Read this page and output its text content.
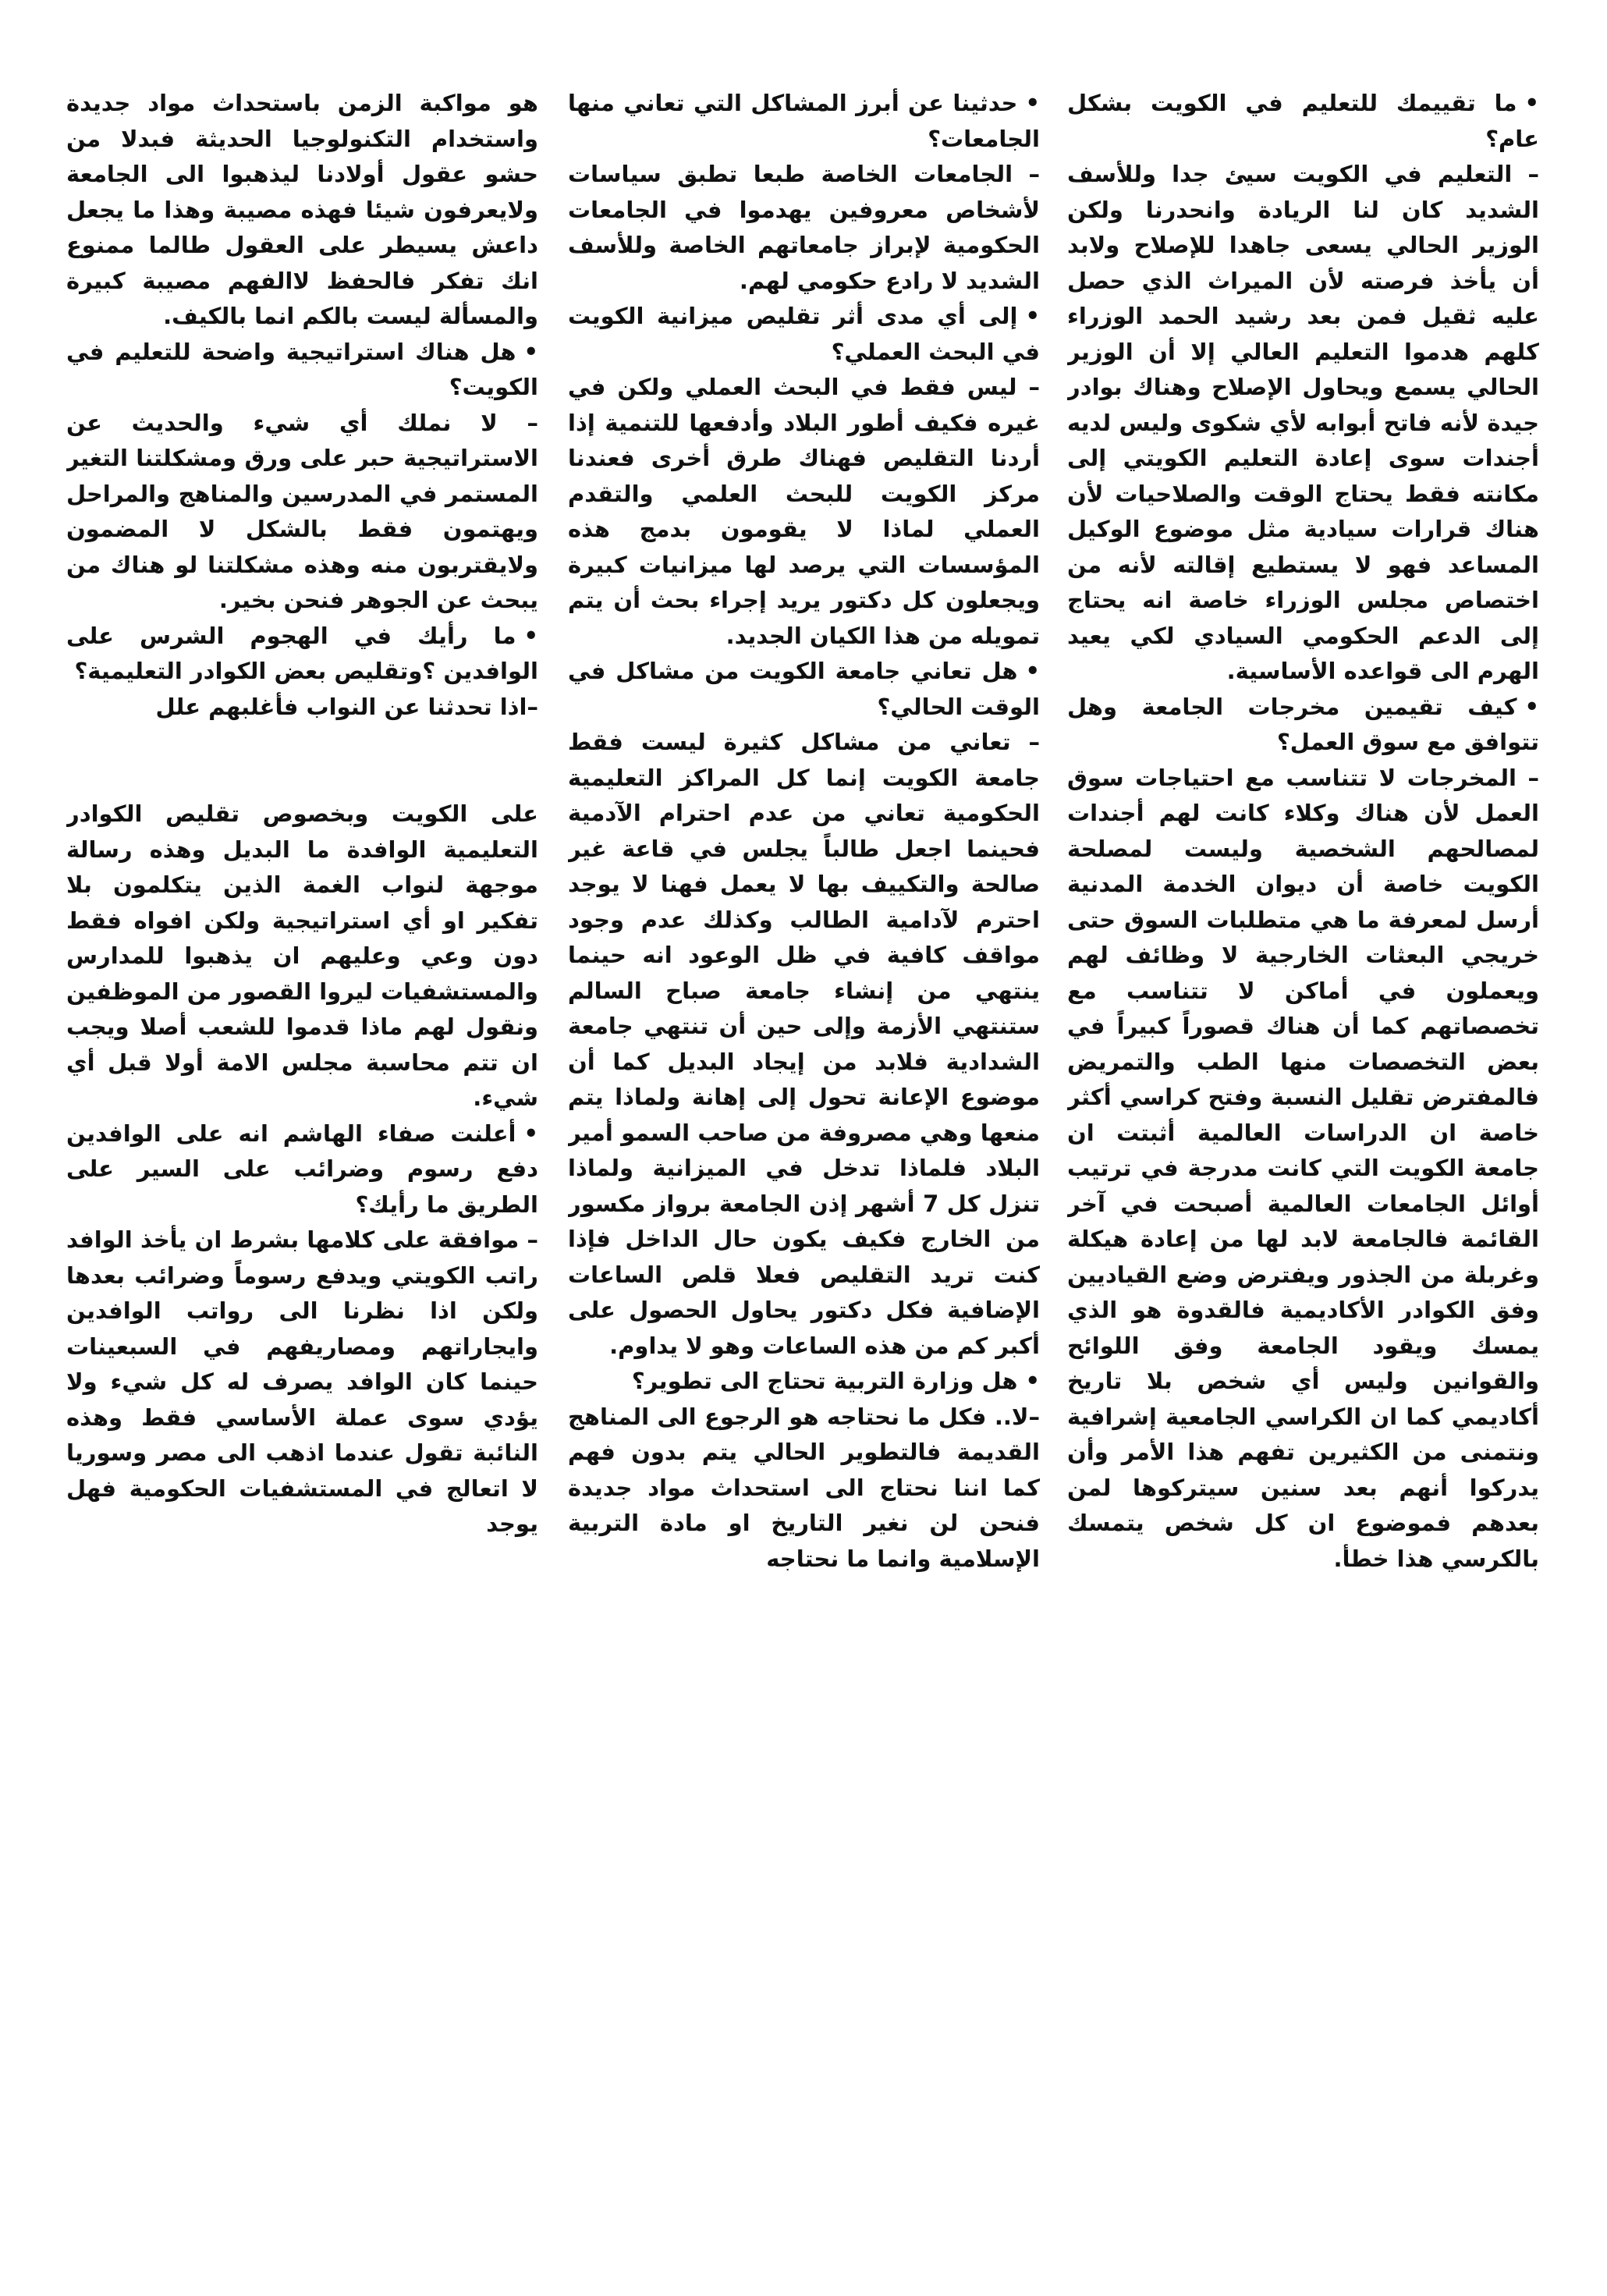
• ما تقييمك للتعليم في الكويت بشكل عام؟

– التعليم في الكويت سيئ جدا وللأسف الشديد كان لنا الريادة وانحدرنا ولكن الوزير الحالي يسعى جاهدا للإصلاح ولابد أن يأخذ فرصته لأن الميراث الذي حصل عليه ثقيل فمن بعد رشيد الحمد الوزراء كلهم هدموا التعليم العالي إلا أن الوزير الحالي يسمع ويحاول الإصلاح وهناك بوادر جيدة لأنه فاتح أبوابه لأي شكوى وليس لديه أجندات سوى إعادة التعليم الكويتي إلى مكانته فقط يحتاج الوقت والصلاحيات لأن هناك قرارات سيادية مثل موضوع الوكيل المساعد فهو لا يستطيع إقالته لأنه من اختصاص مجلس الوزراء خاصة انه يحتاج إلى الدعم الحكومي السيادي لكي يعيد الهرم الى قواعده الأساسية.

• كيف تقيمين مخرجات الجامعة وهل تتوافق مع سوق العمل؟

– المخرجات لا تتناسب مع احتياجات سوق العمل لأن هناك وكلاء كانت لهم أجندات لمصالحهم الشخصية وليست لمصلحة الكويت خاصة أن ديوان الخدمة المدنية أرسل لمعرفة ما هي متطلبات السوق حتى خريجي البعثات الخارجية لا وظائف لهم ويعملون في أماكن لا تتناسب مع تخصصاتهم كما أن هناك قصوراً كبيراً في بعض التخصصات منها الطب والتمريض فالمفترض تقليل النسبة وفتح كراسي أكثر خاصة ان الدراسات العالمية أثبتت ان جامعة الكويت التي كانت مدرجة في ترتيب أوائل الجامعات العالمية أصبحت في آخر القائمة فالجامعة لابد لها من إعادة هيكلة وغربلة من الجذور ويفترض وضع القياديين وفق الكوادر الأكاديمية فالقدوة هو الذي يمسك ويقود الجامعة وفق اللوائح والقوانين وليس أي شخص بلا تاريخ أكاديمي كما ان الكراسي الجامعية إشرافية ونتمنى من الكثيرين تفهم هذا الأمر وأن يدركوا أنهم بعد سنين سيتركوها لمن بعدهم فموضوع ان كل شخص يتمسك بالكرسي هذا خطأ.

• حدثينا عن أبرز المشاكل التي تعاني منها الجامعات؟

– الجامعات الخاصة طبعا تطبق سياسات لأشخاص معروفين يهدموا في الجامعات الحكومية لإبراز جامعاتهم الخاصة وللأسف الشديد لا رادع حكومي لهم.

• إلى أي مدى أثر تقليص ميزانية الكويت في البحث العملي؟

– ليس فقط في البحث العملي ولكن في غيره فكيف أطور البلاد وأدفعها للتنمية إذا أردنا التقليص فهناك طرق أخرى فعندنا مركز الكويت للبحث العلمي والتقدم العملي لماذا لا يقومون بدمج هذه المؤسسات التي يرصد لها ميزانيات كبيرة ويجعلون كل دكتور يريد إجراء بحث أن يتم تمويله من هذا الكيان الجديد.

• هل تعاني جامعة الكويت من مشاكل في الوقت الحالي؟

– تعاني من مشاكل كثيرة ليست فقط جامعة الكويت إنما كل المراكز التعليمية الحكومية تعاني من عدم احترام الآدمية فحينما اجعل طالباً يجلس في قاعة غير صالحة والتكييف بها لا يعمل فهنا لا يوجد احترم لآدامية الطالب وكذلك عدم وجود مواقف كافية في ظل الوعود انه حينما ينتهي من إنشاء جامعة صباح السالم ستنتهي الأزمة وإلى حين أن تنتهي جامعة الشدادية فلابد من إيجاد البديل كما أن موضوع الإعانة تحول إلى إهانة ولماذا يتم منعها وهي مصروفة من صاحب السمو أمير البلاد فلماذا تدخل في الميزانية ولماذا تنزل كل 7 أشهر إذن الجامعة برواز مكسور من الخارج فكيف يكون حال الداخل فإذا كنت تريد التقليص فعلا قلص الساعات الإضافية فكل دكتور يحاول الحصول على أكبر كم من هذه الساعات وهو لا يداوم.

• هل وزارة التربية تحتاج الى تطوير؟

–لا.. فكل ما نحتاجه هو الرجوع الى المناهج القديمة فالتطوير الحالي يتم بدون فهم كما اننا نحتاج الى استحداث مواد جديدة فنحن لن نغير التاريخ او مادة التربية الإسلامية وانما ما نحتاجه

هو مواكبة الزمن باستحداث مواد جديدة واستخدام التكنولوجيا الحديثة فبدلا من حشو عقول أولادنا ليذهبوا الى الجامعة ولايعرفون شيئا فهذه مصيبة وهذا ما يجعل داعش يسيطر على العقول طالما ممنوع انك تفكر فالحفظ لاالفهم مصيبة كبيرة والمسألة ليست بالكم انما بالكيف.

• هل هناك استراتيجية واضحة للتعليم في الكويت؟

– لا نملك أي شيء والحديث عن الاستراتيجية حبر على ورق ومشكلتنا التغير المستمر في المدرسين والمناهج والمراحل ويهتمون فقط بالشكل لا المضمون ولايقتربون منه وهذه مشكلتنا لو هناك من يبحث عن الجوهر فنحن بخير.

• ما رأيك في الهجوم الشرس على الوافدين ؟وتقليص بعض الكوادر التعليمية؟

–اذا تحدثنا عن النواب فأغلبهم علل

على الكويت وبخصوص تقليص الكوادر التعليمية الوافدة ما البديل وهذه رسالة موجهة لنواب الغمة الذين يتكلمون بلا تفكير او أي استراتيجية ولكن افواه فقط دون وعي وعليهم ان يذهبوا للمدارس والمستشفيات ليروا القصور من الموظفين ونقول لهم ماذا قدموا للشعب أصلا ويجب ان تتم محاسبة مجلس الامة أولا قبل أي شيء.

• أعلنت صفاء الهاشم انه على الوافدين دفع رسوم وضرائب على السير على الطريق ما رأيك؟

– موافقة على كلامها بشرط ان يأخذ الوافد راتب الكويتي ويدفع رسوماً وضرائب بعدها ولكن اذا نظرنا الى رواتب الوافدين وايجاراتهم ومصاريفهم في السبعينات حينما كان الوافد يصرف له كل شيء ولا يؤدي سوى عملة الأساسي فقط وهذه النائبة تقول عندما اذهب الى مصر وسوريا لا اتعالج في المستشفيات الحكومية فهل يوجد
